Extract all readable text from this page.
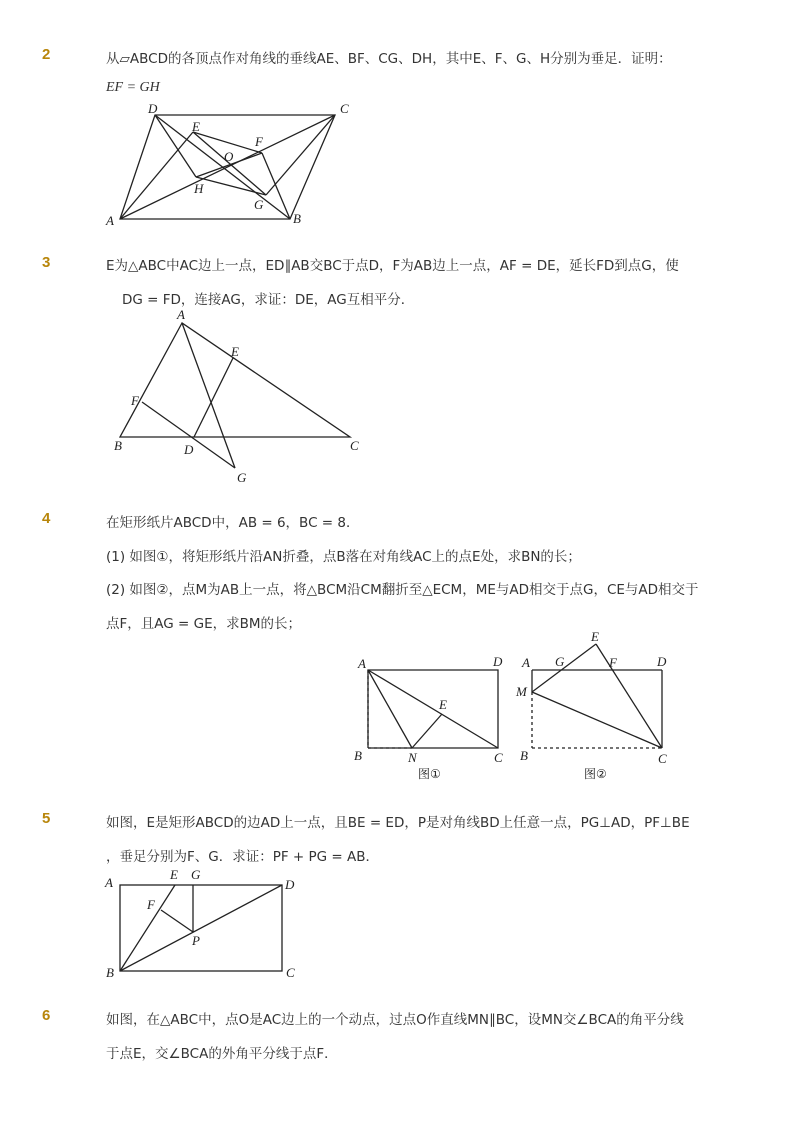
2	从▱ABCD的各顶点作对角线的垂线AE、BF、CG、DH，其中E、F、G、H分别为垂足．证明：
EF = GH
D	C
E
F
O
H
G
A	B
3	E为△ABC中AC边上一点，ED∥AB交BC于点D，F为AB边上一点，AF = DE，延长FD到点G，使
DG = FD，连接AG，求证：DE，AG互相平分．
A
E
F
B	D	C
G
4	在矩形纸片ABCD中，AB = 6，BC = 8．
(1) 如图①，将矩形纸片沿AN折叠，点B落在对角线AC上的点E处，求BN的长；
(2) 如图②，点M为AB上一点，将△BCM沿CM翻折至△ECM，ME与AD相交于点G，CE与AD相交于
点F，且AG = GE，求BM的长；
A	D
E
B	N	C
图①
E
A G	F	D
M
B	C
图②
5	如图，E是矩形ABCD的边AD上一点，且BE = ED，P是对角线BD上任意一点，PG⊥AD，PF⊥BE
，垂足分别为F、G．求证：PF + PG = AB．
A
E G
D
F
P
B	C
6	如图，在△ABC中，点O是AC边上的一个动点，过点O作直线MN∥BC，设MN交∠BCA的角平分线
于点E，交∠BCA的外角平分线于点F．
